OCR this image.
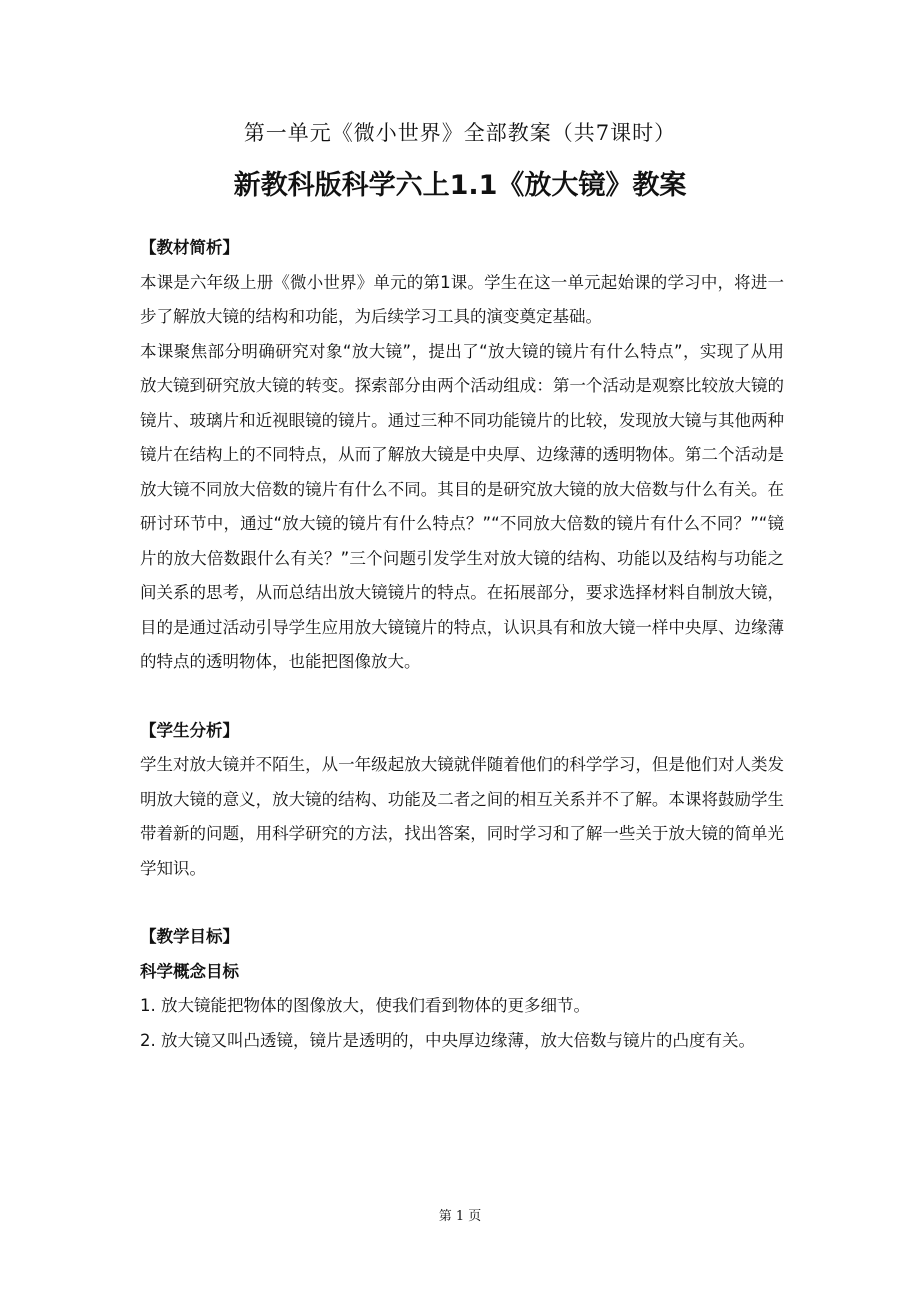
第一单元《微小世界》全部教案（共7课时）
新教科版科学六上1.1《放大镜》教案

【教材简析】

本课是六年级上册《微小世界》单元的第1课。学生在这一单元起始课的学习中，将进一步了解放大镜的结构和功能，为后续学习工具的演变奠定基础。

本课聚焦部分明确研究对象“放大镜”，提出了“放大镜的镜片有什么特点”，实现了从用放大镜到研究放大镜的转变。探索部分由两个活动组成：第一个活动是观察比较放大镜的镜片、玻璃片和近视眼镜的镜片。通过三种不同功能镜片的比较，发现放大镜与其他两种镜片在结构上的不同特点，从而了解放大镜是中央厚、边缘薄的透明物体。第二个活动是放大镜不同放大倍数的镜片有什么不同。其目的是研究放大镜的放大倍数与什么有关。在研讨环节中，通过“放大镜的镜片有什么特点？”“不同放大倍数的镜片有什么不同？”“镜片的放大倍数跟什么有关？”三个问题引发学生对放大镜的结构、功能以及结构与功能之间关系的思考，从而总结出放大镜镜片的特点。在拓展部分，要求选择材料自制放大镜，目的是通过活动引导学生应用放大镜镜片的特点，认识具有和放大镜一样中央厚、边缘薄的特点的透明物体，也能把图像放大。

【学生分析】

学生对放大镜并不陌生，从一年级起放大镜就伴随着他们的科学学习，但是他们对人类发明放大镜的意义，放大镜的结构、功能及二者之间的相互关系并不了解。本课将鼓励学生带着新的问题，用科学研究的方法，找出答案，同时学习和了解一些关于放大镜的简单光学知识。

【教学目标】

科学概念目标

1. 放大镜能把物体的图像放大，使我们看到物体的更多细节。

2. 放大镜又叫凸透镜，镜片是透明的，中央厚边缘薄，放大倍数与镜片的凸度有关。

第 1 页
